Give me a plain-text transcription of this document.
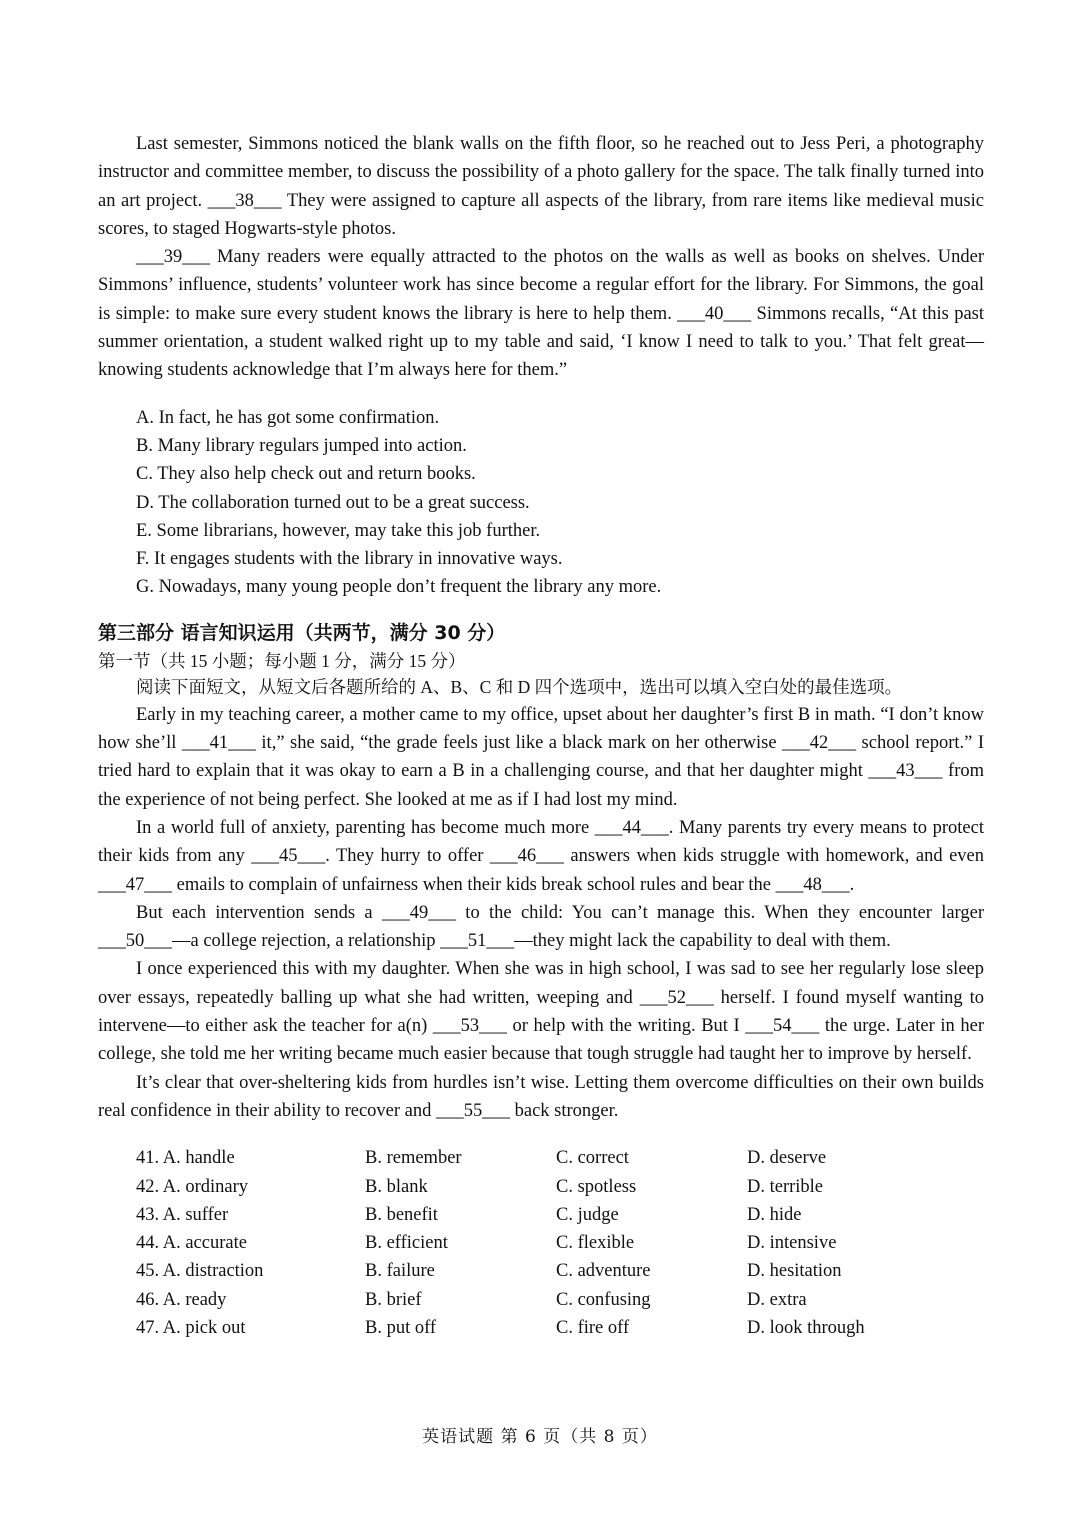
Last semester, Simmons noticed the blank walls on the fifth floor, so he reached out to Jess Peri, a photography instructor and committee member, to discuss the possibility of a photo gallery for the space. The talk finally turned into an art project. ___38___ They were assigned to capture all aspects of the library, from rare items like medieval music scores, to staged Hogwarts-style photos.

___39___ Many readers were equally attracted to the photos on the walls as well as books on shelves. Under Simmons’ influence, students’ volunteer work has since become a regular effort for the library. For Simmons, the goal is simple: to make sure every student knows the library is here to help them. ___40___ Simmons recalls, “At this past summer orientation, a student walked right up to my table and said, ‘I know I need to talk to you.’ That felt great—knowing students acknowledge that I’m always here for them.”

A. In fact, he has got some confirmation.
B. Many library regulars jumped into action.
C. They also help check out and return books.
D. The collaboration turned out to be a great success.
E. Some librarians, however, may take this job further.
F. It engages students with the library in innovative ways.
G. Nowadays, many young people don’t frequent the library any more.
第三部分 语言知识运用（共两节，满分 30 分）
第一节（共 15 小题；每小题 1 分，满分 15 分）
阅读下面短文，从短文后各题所给的 A、B、C 和 D 四个选项中，选出可以填入空白处的最佳选项。

Early in my teaching career, a mother came to my office, upset about her daughter’s first B in math. “I don’t know how she’ll ___41___ it,” she said, “the grade feels just like a black mark on her otherwise ___42___ school report.” I tried hard to explain that it was okay to earn a B in a challenging course, and that her daughter might ___43___ from the experience of not being perfect. She looked at me as if I had lost my mind.

In a world full of anxiety, parenting has become much more ___44___. Many parents try every means to protect their kids from any ___45___. They hurry to offer ___46___ answers when kids struggle with homework, and even ___47___ emails to complain of unfairness when their kids break school rules and bear the ___48___.

But each intervention sends a ___49___ to the child: You can’t manage this. When they encounter larger ___50___—a college rejection, a relationship ___51___—they might lack the capability to deal with them.

I once experienced this with my daughter. When she was in high school, I was sad to see her regularly lose sleep over essays, repeatedly balling up what she had written, weeping and ___52___ herself. I found myself wanting to intervene—to either ask the teacher for a(n) ___53___ or help with the writing. But I ___54___ the urge. Later in her college, she told me her writing became much easier because that tough struggle had taught her to improve by herself.

It’s clear that over-sheltering kids from hurdles isn’t wise. Letting them overcome difficulties on their own builds real confidence in their ability to recover and ___55___ back stronger.

41. A. handle	B. remember	C. correct	D. deserve
42. A. ordinary	B. blank	C. spotless	D. terrible
43. A. suffer	B. benefit	C. judge	D. hide
44. A. accurate	B. efficient	C. flexible	D. intensive
45. A. distraction	B. failure	C. adventure	D. hesitation
46. A. ready	B. brief	C. confusing	D. extra
47. A. pick out	B. put off	C. fire off	D. look through
英语试题 第 6 页（共 8 页）
